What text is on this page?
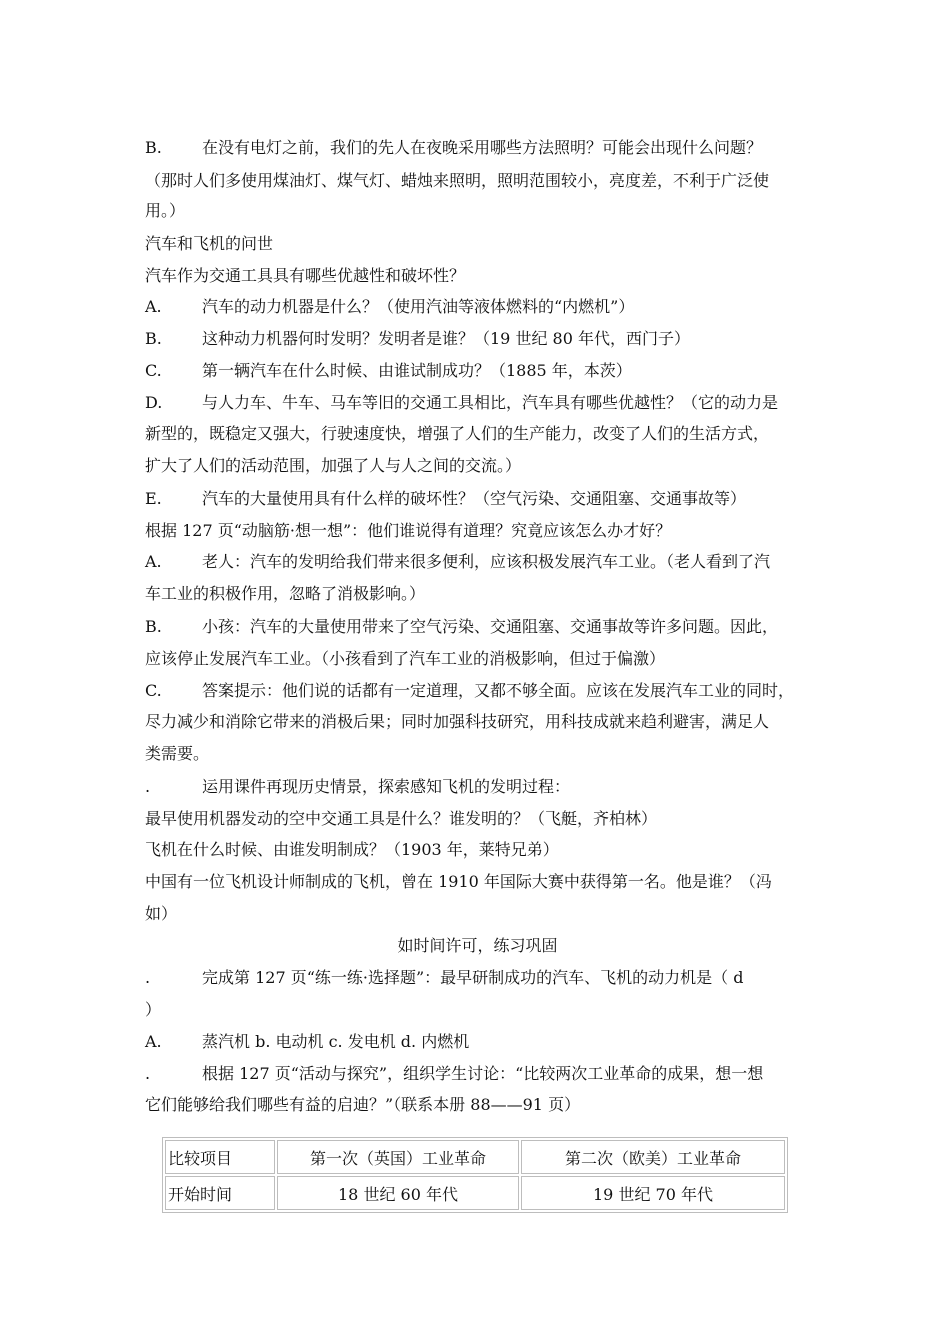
B.	在没有电灯之前，我们的先人在夜晚采用哪些方法照明？可能会出现什么问题？
（那时人们多使用煤油灯、煤气灯、蜡烛来照明，照明范围较小，亮度差，不利于广泛使
用。）
汽车和飞机的问世
汽车作为交通工具具有哪些优越性和破坏性？
A.	汽车的动力机器是什么？（使用汽油等液体燃料的“内燃机”）
B.	这种动力机器何时发明？发明者是谁？（19 世纪 80 年代，西门子）
C.	第一辆汽车在什么时候、由谁试制成功？（1885 年，本茨）
D. 与人力车、牛车、马车等旧的交通工具相比，汽车具有哪些优越性？（它的动力是
新型的，既稳定又强大，行驶速度快，增强了人们的生产能力，改变了人们的生活方式，
扩大了人们的活动范围，加强了人与人之间的交流。）
E.	汽车的大量使用具有什么样的破坏性？（空气污染、交通阻塞、交通事故等）
根据 127 页“动脑筋·想一想”：他们谁说得有道理？究竟应该怎么办才好？
A.	老人：汽车的发明给我们带来很多便利，应该积极发展汽车工业。（老人看到了汽
车工业的积极作用，忽略了消极影响。）
B.	小孩：汽车的大量使用带来了空气污染、交通阻塞、交通事故等许多问题。因此，
应该停止发展汽车工业。（小孩看到了汽车工业的消极影响，但过于偏激）
C.	答案提示：他们说的话都有一定道理，又都不够全面。应该在发展汽车工业的同时，
尽力减少和消除它带来的消极后果；同时加强科技研究，用科技成就来趋利避害，满足人
类需要。
.	运用课件再现历史情景，探索感知飞机的发明过程：
最早使用机器发动的空中交通工具是什么？谁发明的？（飞艇，齐柏林）
飞机在什么时候、由谁发明制成？（1903 年，莱特兄弟）
中国有一位飞机设计师制成的飞机，曾在 1910 年国际大赛中获得第一名。他是谁？（冯
如）
如时间许可，练习巩固
.	完成第 127 页“练一练·选择题”：最早研制成功的汽车、飞机的动力机是（ d
）
A.	蒸汽机 b. 电动机 c. 发电机 d. 内燃机
.	根据 127 页“活动与探究”，组织学生讨论：“比较两次工业革命的成果，想一想
它们能够给我们哪些有益的启迪？”（联系本册 88——91 页）
比较项目	第一次（英国）工业革命	第二次（欧美）工业革命
开始时间	18 世纪 60 年代	19 世纪 70 年代
